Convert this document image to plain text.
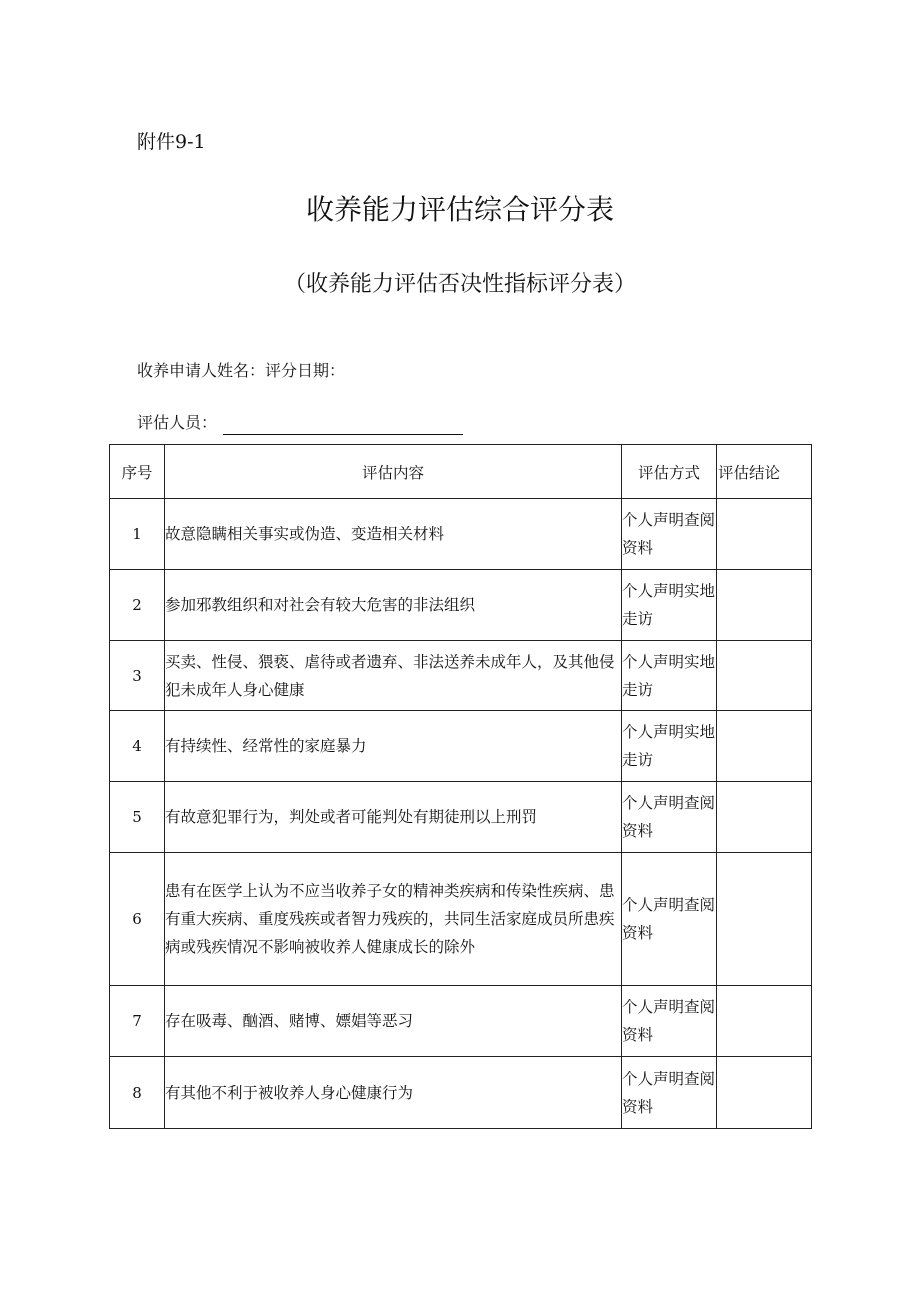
附件9-1
收养能力评估综合评分表
（收养能力评估否决性指标评分表）
收养申请人姓名：评分日期：
评估人员：
序号	评估内容	评估方式	评估结论
1	故意隐瞒相关事实或伪造、变造相关材料	个人声明查阅资料	
2	参加邪教组织和对社会有较大危害的非法组织	个人声明实地走访	
3	买卖、性侵、猥亵、虐待或者遗弃、非法送养未成年人，及其他侵犯未成年人身心健康	个人声明实地走访	
4	有持续性、经常性的家庭暴力	个人声明实地走访	
5	有故意犯罪行为，判处或者可能判处有期徒刑以上刑罚	个人声明查阅资料	
6	患有在医学上认为不应当收养子女的精神类疾病和传染性疾病、患有重大疾病、重度残疾或者智力残疾的，共同生活家庭成员所患疾病或残疾情况不影响被收养人健康成长的除外	个人声明查阅资料	
7	存在吸毒、酗酒、赌博、嫖娼等恶习	个人声明查阅资料	
8	有其他不利于被收养人身心健康行为	个人声明查阅资料	
